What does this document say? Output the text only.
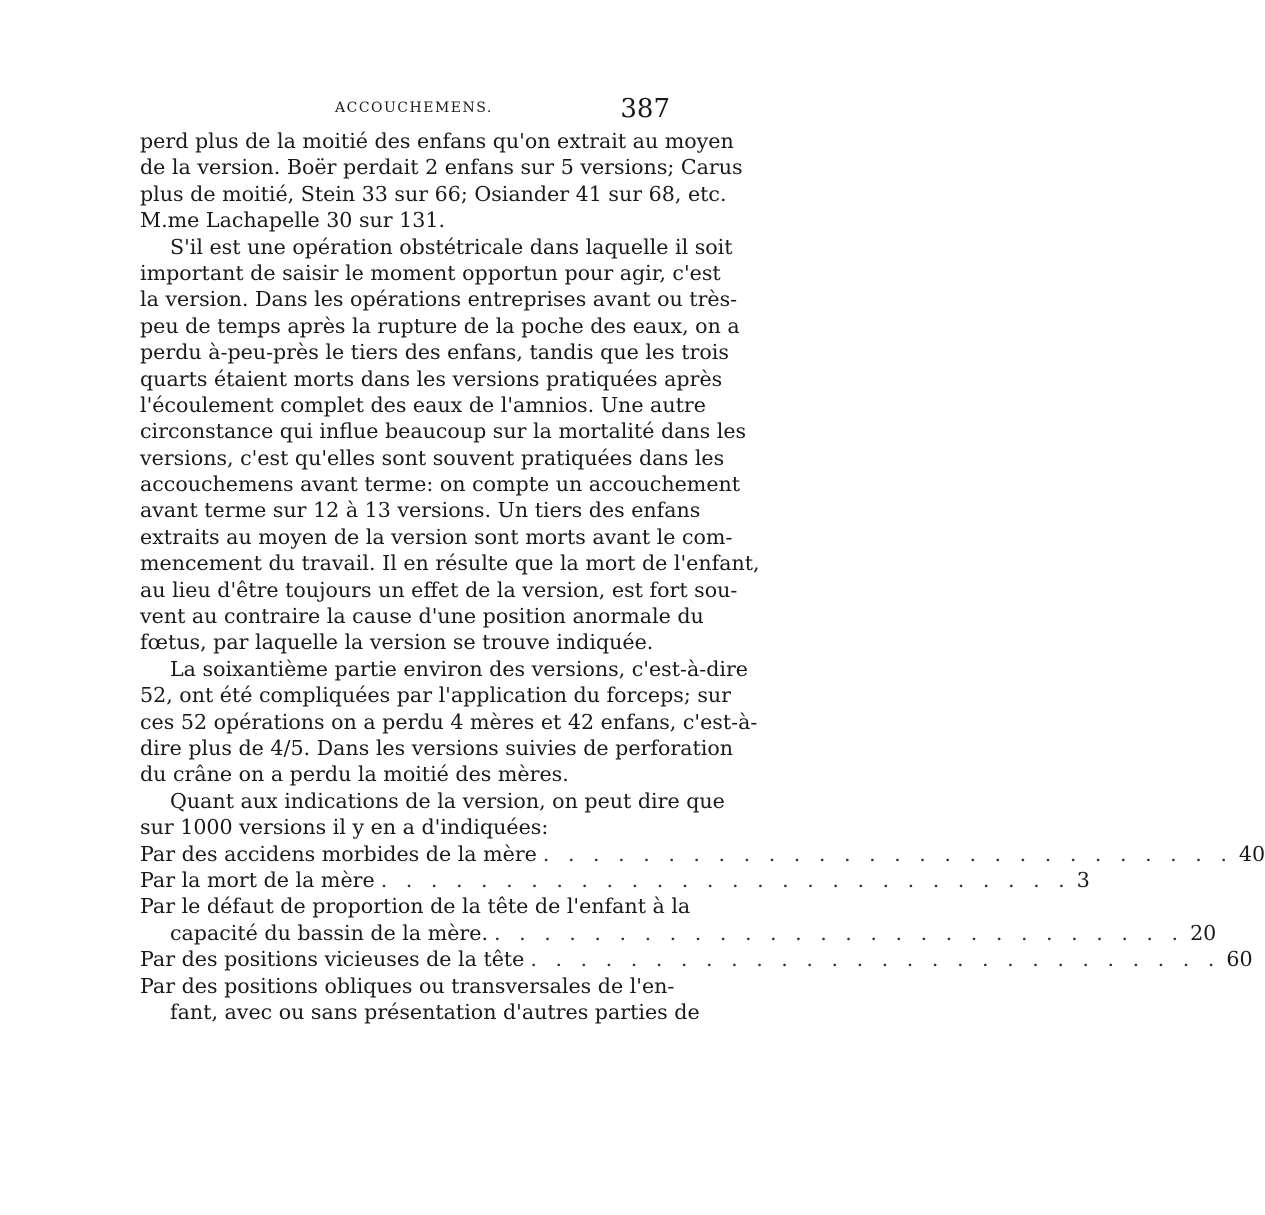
ACCOUCHEMENS.	387
perd plus de la moitié des enfans qu'on extrait au moyen
de la version. Boër perdait 2 enfans sur 5 versions; Carus
plus de moitié, Stein 33 sur 66; Osiander 41 sur 68, etc.
M.me Lachapelle 30 sur 131.
S'il est une opération obstétricale dans laquelle il soit
important de saisir le moment opportun pour agir, c'est
la version. Dans les opérations entreprises avant ou très-
peu de temps après la rupture de la poche des eaux, on a
perdu à-peu-près le tiers des enfans, tandis que les trois
quarts étaient morts dans les versions pratiquées après
l'écoulement complet des eaux de l'amnios. Une autre
circonstance qui influe beaucoup sur la mortalité dans les
versions, c'est qu'elles sont souvent pratiquées dans les
accouchemens avant terme: on compte un accouchement
avant terme sur 12 à 13 versions. Un tiers des enfans
extraits au moyen de la version sont morts avant le com-
mencement du travail. Il en résulte que la mort de l'enfant,
au lieu d'être toujours un effet de la version, est fort sou-
vent au contraire la cause d'une position anormale du
fœtus, par laquelle la version se trouve indiquée.
La soixantième partie environ des versions, c'est-à-dire
52, ont été compliquées par l'application du forceps; sur
ces 52 opérations on a perdu 4 mères et 42 enfans, c'est-à-
dire plus de 4/5. Dans les versions suivies de perforation
du crâne on a perdu la moitié des mères.
Quant aux indications de la version, on peut dire que
sur 1000 versions il y en a d'indiquées:
Par des accidens morbides de la mère . . . . . . . . . . . . . . . . . . . . . . . . . . . . 40
Par la mort de la mère . . . . . . . . . . . . . . . . . . . . . . . . . . . . 3
Par le défaut de proportion de la tête de l'enfant à la
capacité du bassin de la mère. . . . . . . . . . . . . . . . . . . . . . . . . . . . . 20
Par des positions vicieuses de la tête . . . . . . . . . . . . . . . . . . . . . . . . . . . . 60
Par des positions obliques ou transversales de l'en-
fant, avec ou sans présentation d'autres parties de
